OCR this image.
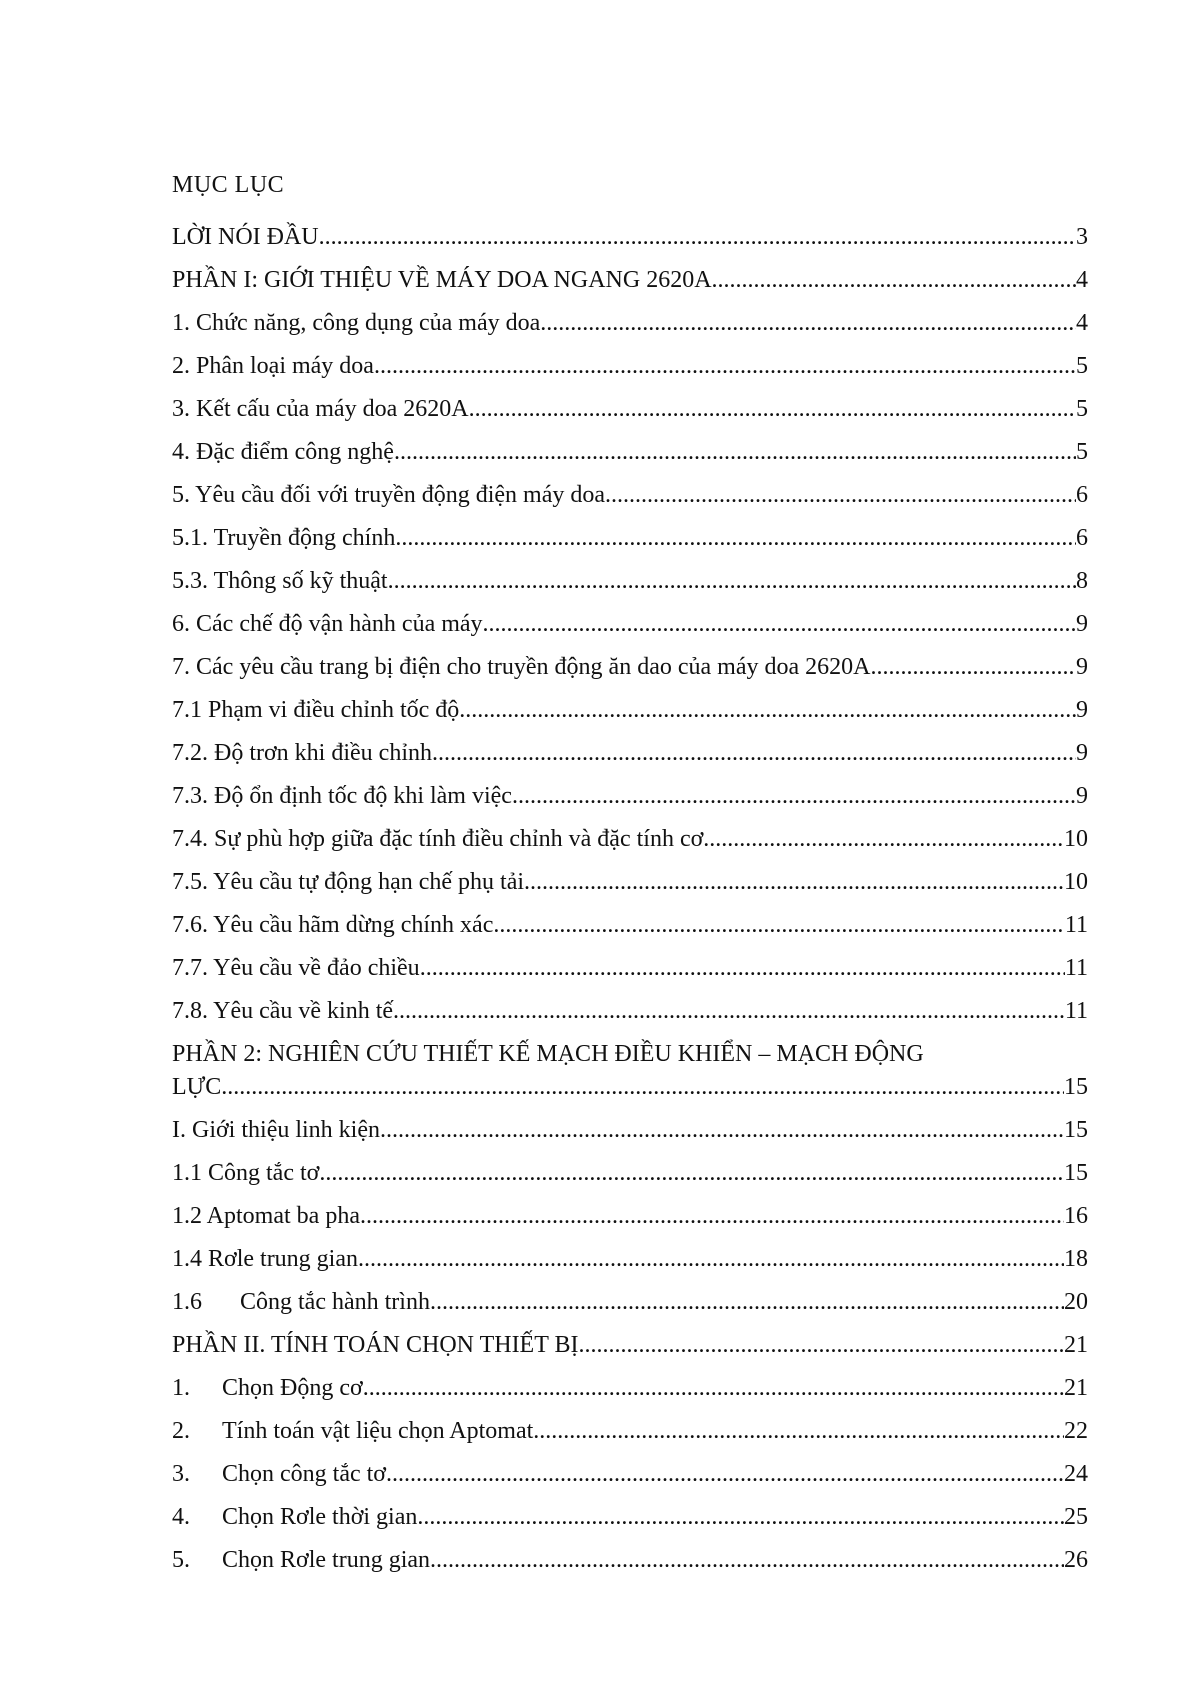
MỤC LỤC
LỜI NÓI ĐẦU .....	3
PHẦN I: GIỚI THIỆU VỀ MÁY DOA NGANG 2620A .....	4
1. Chức năng, công dụng của máy doa .....	4
2. Phân loại máy doa .....	5
3. Kết cấu của máy doa 2620A .....	5
4. Đặc điểm công nghệ .....	5
5. Yêu cầu đối với truyền động điện máy doa .....	6
5.1. Truyền động chính .....	6
5.3. Thông số kỹ thuật .....	8
6. Các chế độ vận hành của máy .....	9
7. Các yêu cầu trang bị điện cho truyền động ăn dao của máy doa 2620A .....	9
7.1 Phạm vi điều chỉnh tốc độ .....	9
7.2. Độ trơn khi điều chỉnh .....	9
7.3. Độ ổn định tốc độ khi làm việc .....	9
7.4. Sự phù hợp giữa đặc tính điều chỉnh và đặc tính cơ .....	10
7.5. Yêu cầu tự động hạn chế phụ tải .....	10
7.6. Yêu cầu hãm dừng chính xác .....	11
7.7. Yêu cầu về đảo chiều .....	11
7.8. Yêu cầu về kinh tế .....	11
PHẦN 2: NGHIÊN CỨU THIẾT KẾ MẠCH ĐIỀU KHIỂN – MẠCH ĐỘNG
LỰC .....	15
I. Giới thiệu linh kiện .....	15
1.1 Công tắc tơ .....	15
1.2 Aptomat ba pha .....	16
1.4 Rơle trung gian .....	18
1.6	Công tắc hành trình .....	20
PHẦN II. TÍNH TOÁN CHỌN THIẾT BỊ .....	21
1.	Chọn Động cơ .....	21
2.	Tính toán vật liệu chọn Aptomat .....	22
3.	Chọn công tắc tơ .....	24
4.	Chọn Rơle thời gian .....	25
5.	Chọn Rơle trung gian .....	26
